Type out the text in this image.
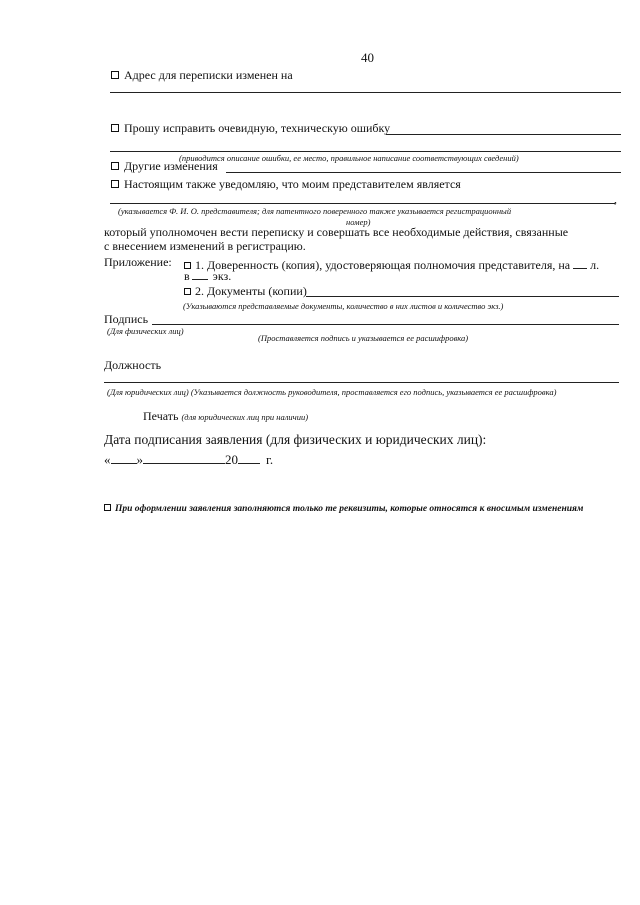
40
Адрес для переписки изменен на
Прошу исправить очевидную, техническую ошибку
(приводится описание ошибки, ее место, правильное написание соответствующих сведений)
Другие изменения
Настоящим также уведомляю, что моим представителем является
,
(указывается Ф. И. О. представителя; для патентного поверенного также указывается регистрационный
номер)
который уполномочен вести переписку и совершать все необходимые действия, связанные
с внесением изменений в регистрацию.
Приложение:	1. Доверенность (копия), удостоверяющая полномочия представителя, на л.
в экз.
2. Документы (копии)
(Указываются представляемые документы, количество в них листов и количество экз.)
Подпись
(Для физических лиц)
(Проставляется подпись и указывается ее расшифровка)
Должность
(Для юридических лиц) (Указывается должность руководителя, проставляется его подпись, указывается ее расшифровка)
Печать (для юридических лиц при наличии)
Дата подписания заявления (для физических и юридических лиц):
« »	20 г.
При оформлении заявления заполняются только те реквизиты, которые относятся к вносимым изменениям
